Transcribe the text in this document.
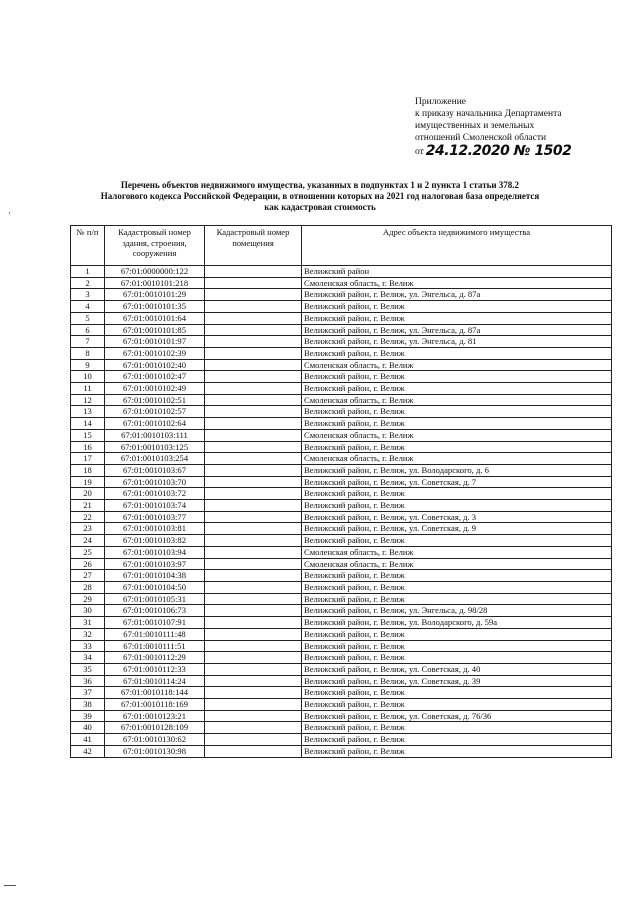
Приложение
к приказу начальника Департамента
имущественных и земельных
отношений Смоленской области
от 24.12.2020 № 1502
Перечень объектов недвижимого имущества, указанных в подпунктах 1 и 2 пункта 1 статьи 378.2
Налогового кодекса Российской Федерации, в отношении которых на 2021 год налоговая база определяется
как кадастровая стоимость
№ п/п	Кадастровый номер здания, строения, сооружения	Кадастровый номер помещения	Адрес объекта недвижимого имущества
1	67:01:0000000:122		Велижский район
2	67:01:0010101:218		Смоленская область, г. Велиж
3	67:01:0010101:29		Велижский район, г. Велиж, ул. Энгельса, д. 87а
4	67:01:0010101:35		Велижский район, г. Велиж
5	67:01:0010101:64		Велижский район, г. Велиж
6	67:01:0010101:85		Велижский район, г. Велиж, ул. Энгельса, д. 87а
7	67:01:0010101:97		Велижский район, г. Велиж, ул. Энгельса, д. 81
8	67:01:0010102:39		Велижский район, г. Велиж
9	67:01:0010102:40		Смоленская область, г. Велиж
10	67:01:0010102:47		Велижский район, г. Велиж
11	67:01:0010102:49		Велижский район, г. Велиж
12	67:01:0010102:51		Смоленская область, г. Велиж
13	67:01:0010102:57		Велижский район, г. Велиж
14	67:01:0010102:64		Велижский район, г. Велиж
15	67:01:0010103:111		Смоленская область, г. Велиж
16	67:01:0010103:125		Велижский район, г. Велиж
17	67:01:0010103:254		Смоленская область, г. Велиж
18	67:01:0010103:67		Велижский район, г. Велиж, ул. Володарского, д. 6
19	67:01:0010103:70		Велижский район, г. Велиж, ул. Советская, д. 7
20	67:01:0010103:72		Велижский район, г. Велиж
21	67:01:0010103:74		Велижский район, г. Велиж
22	67:01:0010103:77		Велижский район, г. Велиж, ул. Советская, д. 3
23	67:01:0010103:81		Велижский район, г. Велиж, ул. Советская, д. 9
24	67:01:0010103:82		Велижский район, г. Велиж
25	67:01:0010103:94		Смоленская область, г. Велиж
26	67:01:0010103:97		Смоленская область, г. Велиж
27	67:01:0010104:38		Велижский район, г. Велиж
28	67:01:0010104:50		Велижский район, г. Велиж
29	67:01:0010105:31		Велижский район, г. Велиж
30	67:01:0010106:73		Велижский район, г. Велиж, ул. Энгельса, д. 98/28
31	67:01:0010107:91		Велижский район, г. Велиж, ул. Володарского, д. 59а
32	67:01:0010111:48		Велижский район, г. Велиж
33	67:01:0010111:51		Велижский район, г. Велиж
34	67:01:0010112:29		Велижский район, г. Велиж
35	67:01:0010112:33		Велижский район, г. Велиж, ул. Советская, д. 40
36	67:01:0010114:24		Велижский район, г. Велиж, ул. Советская, д. 39
37	67:01:0010118:144		Велижский район, г. Велиж
38	67:01:0010118:169		Велижский район, г. Велиж
39	67:01:0010123:21		Велижский район, г. Велиж, ул. Советская, д. 76/36
40	67:01:0010128:109		Велижский район, г. Велиж
41	67:01:0010130:62		Велижский район, г. Велиж
42	67:01:0010130:98		Велижский район, г. Велиж
